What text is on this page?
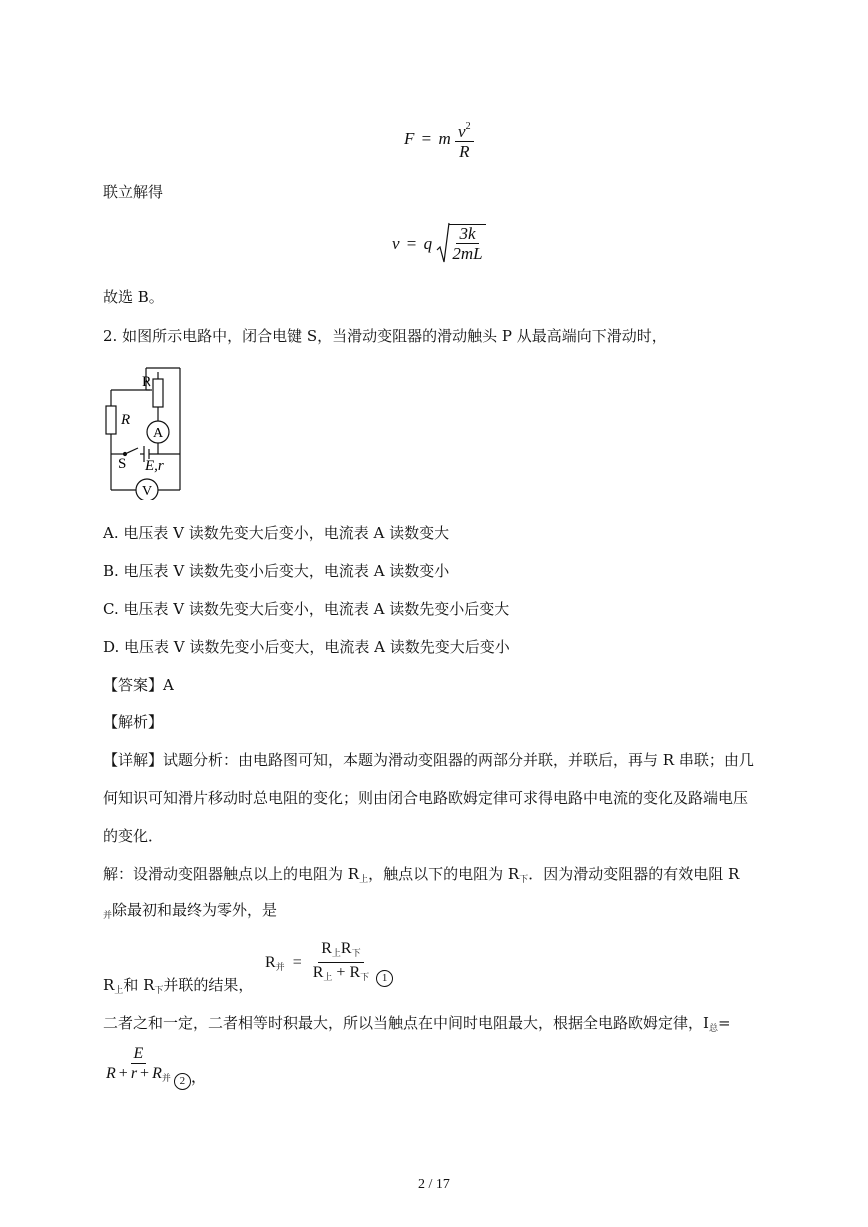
F = m $\frac{v^2}{R}$
联立解得
v = q $\frac{3k}{2mL}$
故选 B。
2. 如图所示电路中，闭合电键 S，当滑动变阻器的滑动触头 P 从最高端向下滑动时，
P
R
A
S E,r
V
A. 电压表 V 读数先变大后变小，电流表 A 读数变大
B. 电压表 V 读数先变小后变大，电流表 A 读数变小
C. 电压表 V 读数先变大后变小，电流表 A 读数先变小后变大
D. 电压表 V 读数先变小后变大，电流表 A 读数先变大后变小
【答案】A
【解析】
【详解】试题分析：由电路图可知，本题为滑动变阻器的两部分并联，并联后，再与 R 串联；由几
何知识可知滑片移动时总电阻的变化；则由闭合电路欧姆定律可求得电路中电流的变化及路端电压
的变化．
解：设滑动变阻器触点以上的电阻为 $R_上$，触点以下的电阻为 $R_下$．因为滑动变阻器的有效电阻 R
$_并$除最初和最终为零外，是
$R_并 = \frac{R_上R_下}{R_上 + R_下} 1$
$R_上$和 $R_下$并联的结果，
二者之和一定，二者相等时积最大，所以当触点在中间时电阻最大，根据全电路欧姆定律，$I_总=$
$\frac{E}{R + r + R_并} 2$ ，
2 / 17
